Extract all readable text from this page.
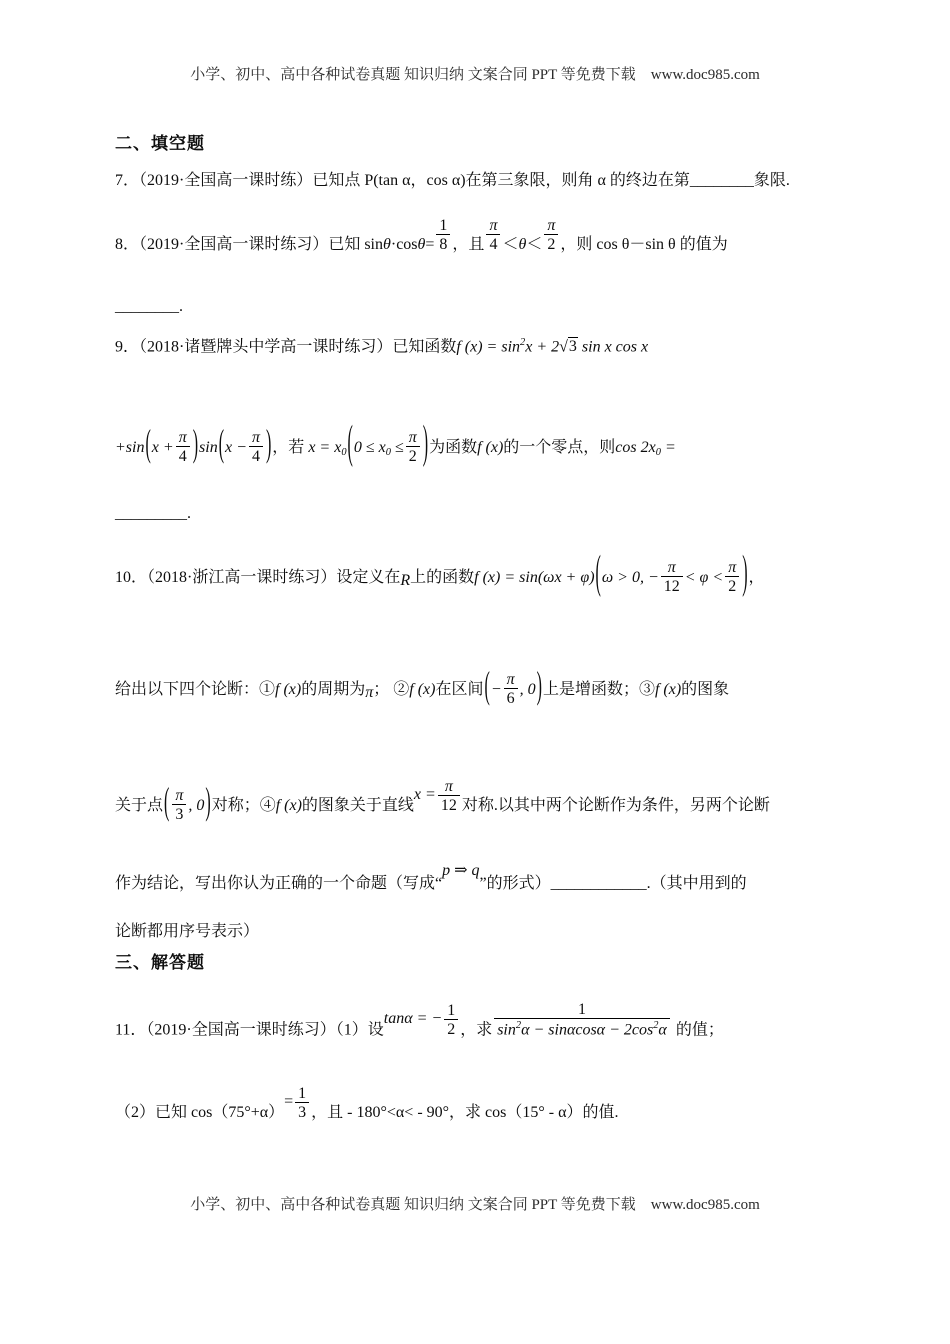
小学、初中、高中各种试卷真题 知识归纳 文案合同 PPT 等免费下载　www.doc985.com
二、填空题
7．（2019·全国高一课时练）已知点 P(tan α，cos α)在第三象限，则角 α 的终边在第________象限.
8．（2019·全国高一课时练习）已知 $\sin\theta\cdot\cos\theta= \frac{1}{8}$ ，且 $\frac{\pi}{4} <\theta< \frac{\pi}{2}$ ，则 cos θ－sin θ 的值为
________.
9．（2018·诸暨牌头中学高一课时练习）已知函数f $(x) = \sin^2x + 2√3$ sin x cos x
$+\sin(x + \frac{\pi}{4} )\sin(x - \frac{\pi}{4}$ )，若 $x = x0(0 \le x0 \le \frac{\pi}{2}$ )为函数f (x)的一个零点，则cos 2x0 =
_________.
10．（2018·浙江高一课时练习）设定义在R上的函数f (x) = sin(ωx + φ)(ω > 0, − $\frac{\pi}{12} < \varphi < \frac{\pi}{2}$ )，
给出以下四个论断：①f (x)的周期为π； ②f (x)在区间(− $\frac{\pi}{6}$ , 0)上是增函数；③f (x)的图象
关于点( $\frac{\pi}{3}$ , 0)对称；④f (x)的图象关于直线$x = \frac{\pi}{12}$ 对称.以其中两个论断作为条件，另两个论断
作为结论，写出你认为正确的一个命题（写成“p ⇒ q”的形式）____________.（其中用到的
论断都用序号表示）
三、解答题
11．（2019·全国高一课时练习）（1）设tanα = − $\frac{1}{2}$ ，求 $\frac{1}{\sin^2\alpha - \sin\alpha\cos\alpha - 2\cos^2\alpha}$ 的值；
（2）已知 $\cos(75^\circ+\alpha)= \frac{1}{3}$ ，且 - 180°<α< - 90°，求 cos（15° - α）的值.
小学、初中、高中各种试卷真题 知识归纳 文案合同 PPT 等免费下载　www.doc985.com
